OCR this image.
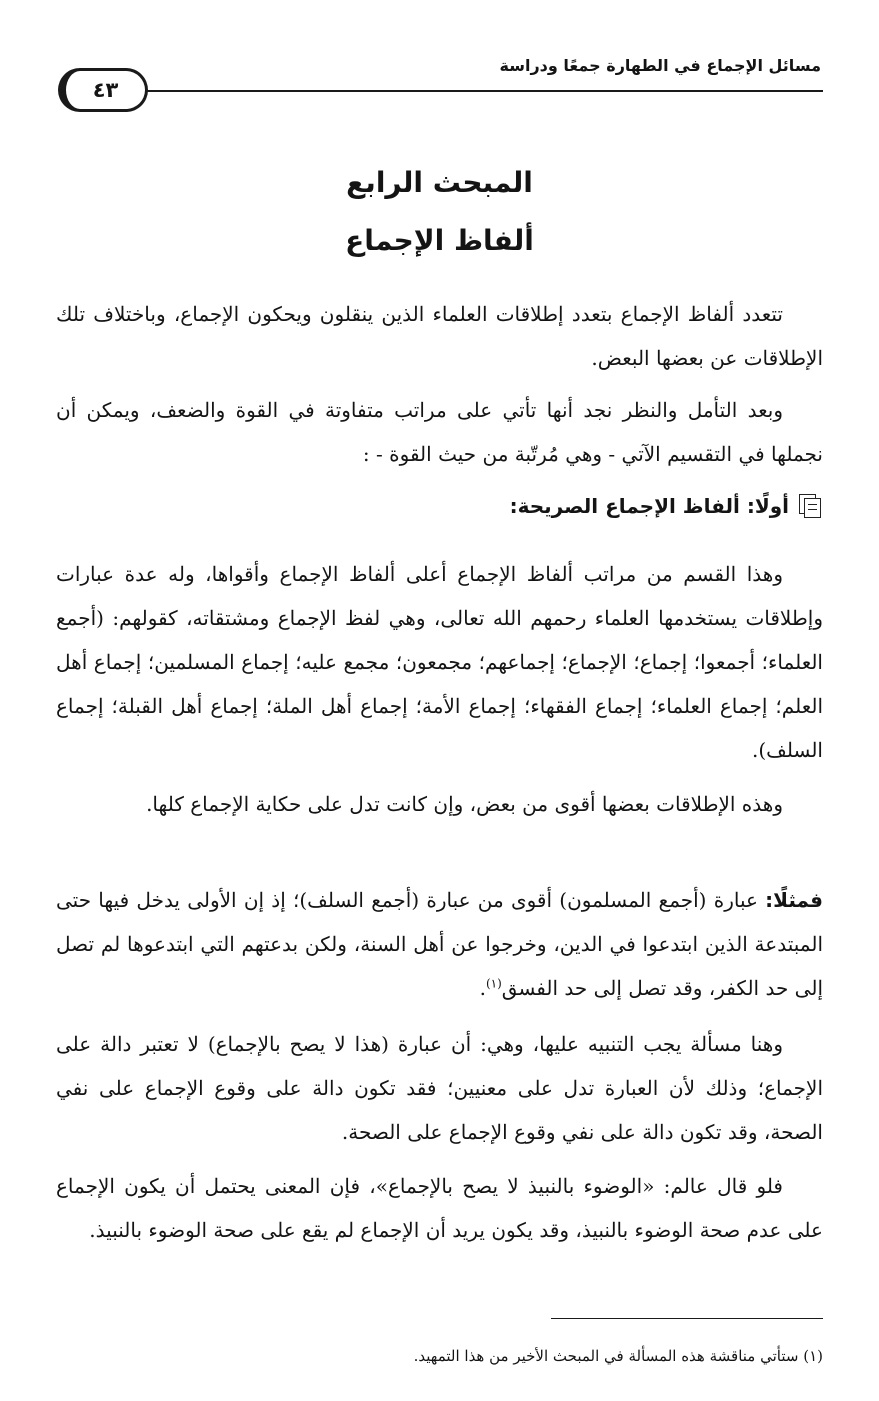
مسائل الإجماع في الطهارة جمعًا ودراسة
٤٣
المبحث الرابع
ألفاظ الإجماع

تتعدد ألفاظ الإجماع بتعدد إطلاقات العلماء الذين ينقلون ويحكون الإجماع، وباختلاف تلك الإطلاقات عن بعضها البعض.

وبعد التأمل والنظر نجد أنها تأتي على مراتب متفاوتة في القوة والضعف، ويمكن أن نجملها في التقسيم الآتي - وهي مُرتّبة من حيث القوة - :

أولًا: ألفاظ الإجماع الصريحة:

وهذا القسم من مراتب ألفاظ الإجماع أعلى ألفاظ الإجماع وأقواها، وله عدة عبارات وإطلاقات يستخدمها العلماء رحمهم الله تعالى، وهي لفظ الإجماع ومشتقاته، كقولهم: (أجمع العلماء؛ أجمعوا؛ إجماع؛ الإجماع؛ إجماعهم؛ مجمعون؛ مجمع عليه؛ إجماع المسلمين؛ إجماع أهل العلم؛ إجماع العلماء؛ إجماع الفقهاء؛ إجماع الأمة؛ إجماع أهل الملة؛ إجماع أهل القبلة؛ إجماع السلف).

وهذه الإطلاقات بعضها أقوى من بعض، وإن كانت تدل على حكاية الإجماع كلها.

فمثلًا: عبارة (أجمع المسلمون) أقوى من عبارة (أجمع السلف)؛ إذ إن الأولى يدخل فيها حتى المبتدعة الذين ابتدعوا في الدين، وخرجوا عن أهل السنة، ولكن بدعتهم التي ابتدعوها لم تصل إلى حد الكفر، وقد تصل إلى حد الفسق$^{(١)}$.

وهنا مسألة يجب التنبيه عليها، وهي: أن عبارة (هذا لا يصح بالإجماع) لا تعتبر دالة على الإجماع؛ وذلك لأن العبارة تدل على معنيين؛ فقد تكون دالة على وقوع الإجماع على نفي الصحة، وقد تكون دالة على نفي وقوع الإجماع على الصحة.

فلو قال عالم: «الوضوء بالنبيذ لا يصح بالإجماع»، فإن المعنى يحتمل أن يكون الإجماع على عدم صحة الوضوء بالنبيذ، وقد يكون يريد أن الإجماع لم يقع على صحة الوضوء بالنبيذ.

(١) ستأتي مناقشة هذه المسألة في المبحث الأخير من هذا التمهيد.
